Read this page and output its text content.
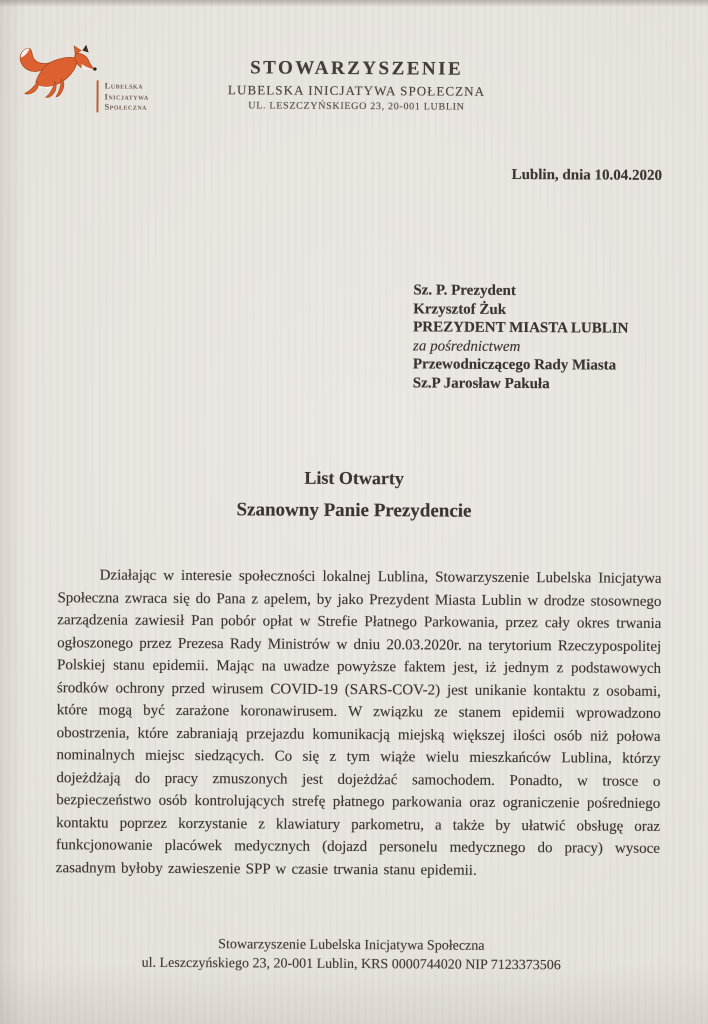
Lubelska
Inicjatywa
Społeczna
STOWARZYSZENIE
LUBELSKA INICJATYWA SPOŁECZNA
UL. LESZCZYŃSKIEGO 23, 20-001 LUBLIN
Lublin, dnia 10.04.2020
Sz. P. Prezydent
Krzysztof Żuk
PREZYDENT MIASTA LUBLIN
za pośrednictwem
Przewodniczącego Rady Miasta
Sz.P Jarosław Pakuła
List Otwarty
Szanowny Panie Prezydencie

Działając w interesie społeczności lokalnej Lublina, Stowarzyszenie Lubelska Inicjatywa Społeczna zwraca się do Pana z apelem, by jako Prezydent Miasta Lublin w drodze stosownego zarządzenia zawiesił Pan pobór opłat w Strefie Płatnego Parkowania, przez cały okres trwania ogłoszonego przez Prezesa Rady Ministrów w dniu 20.03.2020r. na terytorium Rzeczypospolitej Polskiej stanu epidemii. Mając na uwadze powyższe faktem jest, iż jednym z podstawowych środków ochrony przed wirusem COVID-19 (SARS-COV-2) jest unikanie kontaktu z osobami, które mogą być zarażone koronawirusem. W związku ze stanem epidemii wprowadzono obostrzenia, które zabraniają przejazdu komunikacją miejską większej ilości osób niż połowa nominalnych miejsc siedzących. Co się z tym wiąże wielu mieszkańców Lublina, którzy dojeżdżają do pracy zmuszonych jest dojeżdżać samochodem. Ponadto, w trosce o bezpieczeństwo osób kontrolujących strefę płatnego parkowania oraz ograniczenie pośredniego kontaktu poprzez korzystanie z klawiatury parkometru, a także by ułatwić obsługę oraz funkcjonowanie placówek medycznych (dojazd personelu medycznego do pracy) wysoce zasadnym byłoby zawieszenie SPP w czasie trwania stanu epidemii.

Stowarzyszenie Lubelska Inicjatywa Społeczna
ul. Leszczyńskiego 23, 20-001 Lublin, KRS 0000744020 NIP 7123373506
